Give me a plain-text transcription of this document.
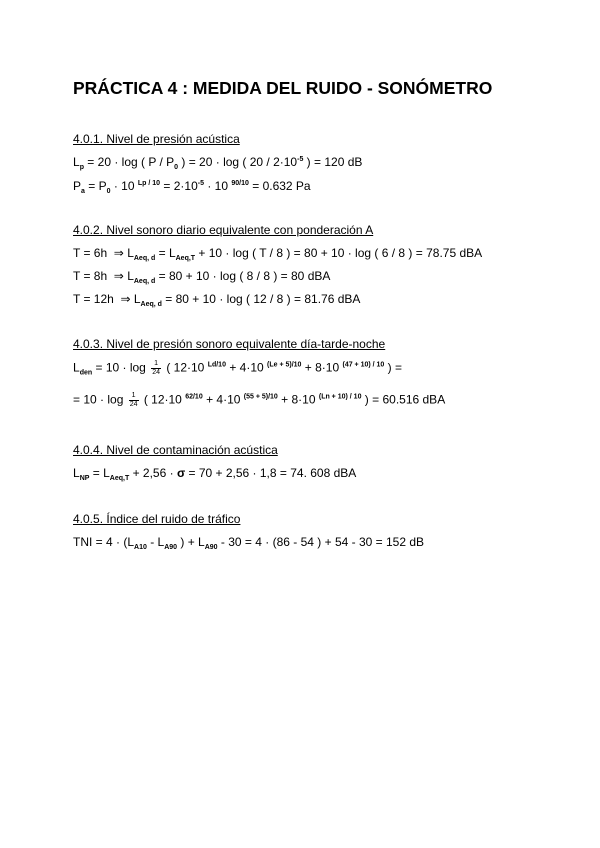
PRÁCTICA 4 : MEDIDA DEL RUIDO - SONÓMETRO
4.0.1. Nivel de presión acústica
$L_p = 20 \cdot \log$ ( P / $P_0$ ) = 20 · log ( $20 / 2\cdot 10^{-5}$ ) = 120 dB
$P_a = P_0 \cdot 10$ $^{Lp / 10} = 2\cdot 10^{-5} \cdot 10$ $^{90/10}$ = 0.632 Pa
4.0.2. Nivel sonoro diario equivalente con ponderación A
T = 6h  ⇒ $L_{Aeq, d} = L_{Aeq,T} + 10 \cdot \log$ ( T / 8 ) = 80 + 10 · log ( 6 / 8 ) = 78.75 dBA
T = 8h  ⇒ $L_{Aeq, d} = 80 + 10 \cdot \log$ ( 8 / 8 ) = 80 dBA
T = 12h  ⇒ $L_{Aeq, d} = 80 + 10 \cdot \log$ ( 12 / 8 ) = 81.76 dBA
4.0.3. Nivel de presión sonoro equivalente día-tarde-noche
$L_{den} = 10 \cdot \log \frac{1}{24}$ ( 12·10 $^{Ld/10}$ + 4·10 $^{(Le + 5)/10}$ + 8·10 $^{(47 + 10) / 10}$ ) =
= $10 \cdot \log \frac{1}{24}$ ( 12·10 $^{62/10}$ + 4·10 $^{(55 + 5)/10}$ + 8·10 $^{(Ln + 10) / 10}$ ) = 60.516 dBA
4.0.4. Nivel de contaminación acústica
$L_{NP} = L_{Aeq,T} + 2,56 \cdot \sigma = 70 + 2,56 \cdot 1,8 = 74$. 608 dBA
4.0.5. Índice del ruido de tráfico
TNI = $4 \cdot (L_{A10} - L_{A90}$ ) + $L_{A90} - 30 = 4 \cdot (86 - 54$ ) + 54 - 30 = 152 dB
